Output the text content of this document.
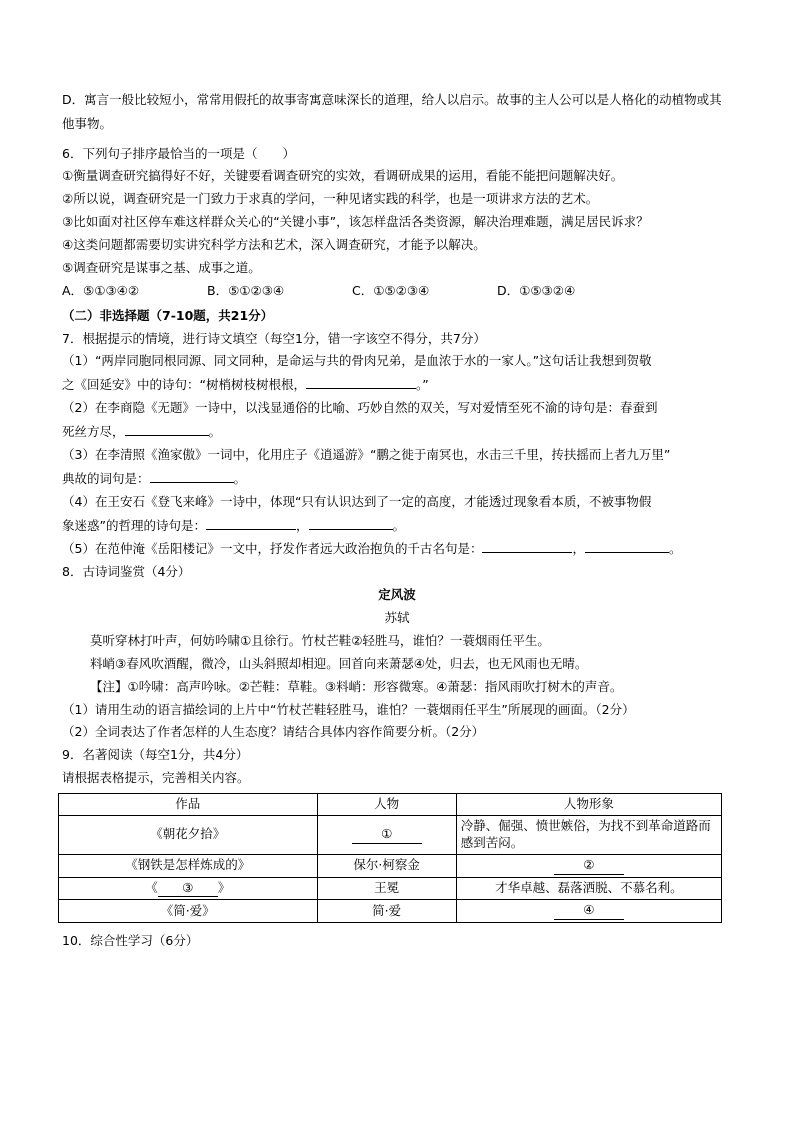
D．寓言一般比较短小，常常用假托的故事寄寓意味深长的道理，给人以启示。故事的主人公可以是人格化的动植物或其他事物。

6．下列句子排序最恰当的一项是（　　）

①衡量调查研究搞得好不好，关键要看调查研究的实效，看调研成果的运用，看能不能把问题解决好。

②所以说，调查研究是一门致力于求真的学问，一种见诸实践的科学，也是一项讲求方法的艺术。

③比如面对社区停车难这样群众关心的“关键小事”，该怎样盘活各类资源，解决治理难题，满足居民诉求？

④这类问题都需要切实讲究科学方法和艺术，深入调查研究，才能予以解决。

⑤调查研究是谋事之基、成事之道。

A．⑤①③④②	B．⑤①②③④	C．①⑤②③④	D．①⑤③②④

（二）非选择题（7-10题，共21分）

7．根据提示的情境，进行诗文填空（每空1分，错一字该空不得分，共7分）

（1）“两岸同胞同根同源、同文同种，是命运与共的骨肉兄弟，是血浓于水的一家人。”这句话让我想到贺敬

之《回延安》中的诗句：“树梢树枝树根根，	。”

（2）在李商隐《无题》一诗中，以浅显通俗的比喻、巧妙自然的双关，写对爱情至死不渝的诗句是：春蚕到

死丝方尽，	。

（3）在李清照《渔家傲》一词中，化用庄子《逍遥游》“鹏之徙于南冥也，水击三千里，抟扶摇而上者九万里”

典故的词句是：	。

（4）在王安石《登飞来峰》一诗中，体现“只有认识达到了一定的高度，才能透过现象看本质，不被事物假

象迷惑”的哲理的诗句是：	，	。

（5）在范仲淹《岳阳楼记》一文中，抒发作者远大政治抱负的千古名句是：	，	。

8．古诗词鉴赏（4分）

定风波

苏轼

莫听穿林打叶声，何妨吟啸①且徐行。竹杖芒鞋②轻胜马，谁怕？一蓑烟雨任平生。

料峭③春风吹酒醒，微冷，山头斜照却相迎。回首向来萧瑟④处，归去，也无风雨也无晴。

【注】①吟啸：高声吟咏。②芒鞋：草鞋。③料峭：形容微寒。④萧瑟：指风雨吹打树木的声音。

（1）请用生动的语言描绘词的上片中“竹杖芒鞋轻胜马，谁怕？一蓑烟雨任平生”所展现的画面。（2分）

（2）全词表达了作者怎样的人生态度？请结合具体内容作简要分析。（2分）

9．名著阅读（每空1分，共4分）

请根据表格提示，完善相关内容。

作品	人物	人物形象
《朝花夕拾》	①	冷静、倔强、愤世嫉俗，为找不到革命道路而感到苦闷。
《钢铁是怎样炼成的》	保尔·柯察金	②
《 ③ 》	王冕	才华卓越、磊落洒脱、不慕名利。
《简·爱》	简·爱	④

10．综合性学习（6分）
